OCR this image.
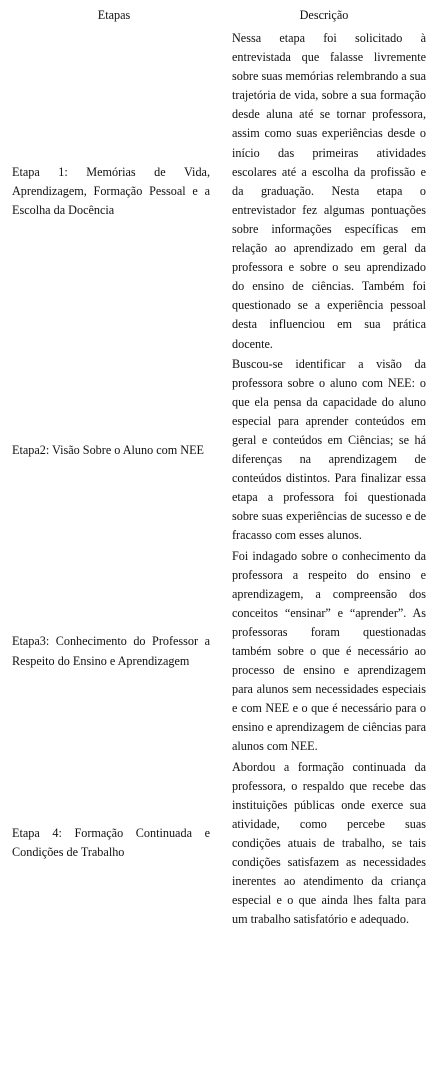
Etapas	Descrição

Etapa 1: Memórias de Vida, Aprendizagem, Formação Pessoal e a Escolha da Docência	Nessa etapa foi solicitado à entrevistada que falasse livremente sobre suas memórias relembrando a sua trajetória de vida, sobre a sua formação desde aluna até se tornar professora, assim como suas experiências desde o início das primeiras atividades escolares até a escolha da profissão e da graduação. Nesta etapa o entrevistador fez algumas pontuações sobre informações específicas em relação ao aprendizado em geral da professora e sobre o seu aprendizado do ensino de ciências. Também foi questionado se a experiência pessoal desta influenciou em sua prática docente.

Etapa2: Visão Sobre o Aluno com NEE	Buscou-se identificar a visão da professora sobre o aluno com NEE: o que ela pensa da capacidade do aluno especial para aprender conteúdos em geral e conteúdos em Ciências; se há diferenças na aprendizagem de conteúdos distintos. Para finalizar essa etapa a professora foi questionada sobre suas experiências de sucesso e de fracasso com esses alunos.

Etapa3: Conhecimento do Professor a Respeito do Ensino e Aprendizagem	Foi indagado sobre o conhecimento da professora a respeito do ensino e aprendizagem, a compreensão dos conceitos “ensinar” e “aprender”. As professoras foram questionadas também sobre o que é necessário ao processo de ensino e aprendizagem para alunos sem necessidades especiais e com NEE e o que é necessário para o ensino e aprendizagem de ciências para alunos com NEE.

Etapa 4: Formação Continuada e Condições de Trabalho	Abordou a formação continuada da professora, o respaldo que recebe das instituições públicas onde exerce sua atividade, como percebe suas condições atuais de trabalho, se tais condições satisfazem as necessidades inerentes ao atendimento da criança especial e o que ainda lhes falta para um trabalho satisfatório e adequado.
